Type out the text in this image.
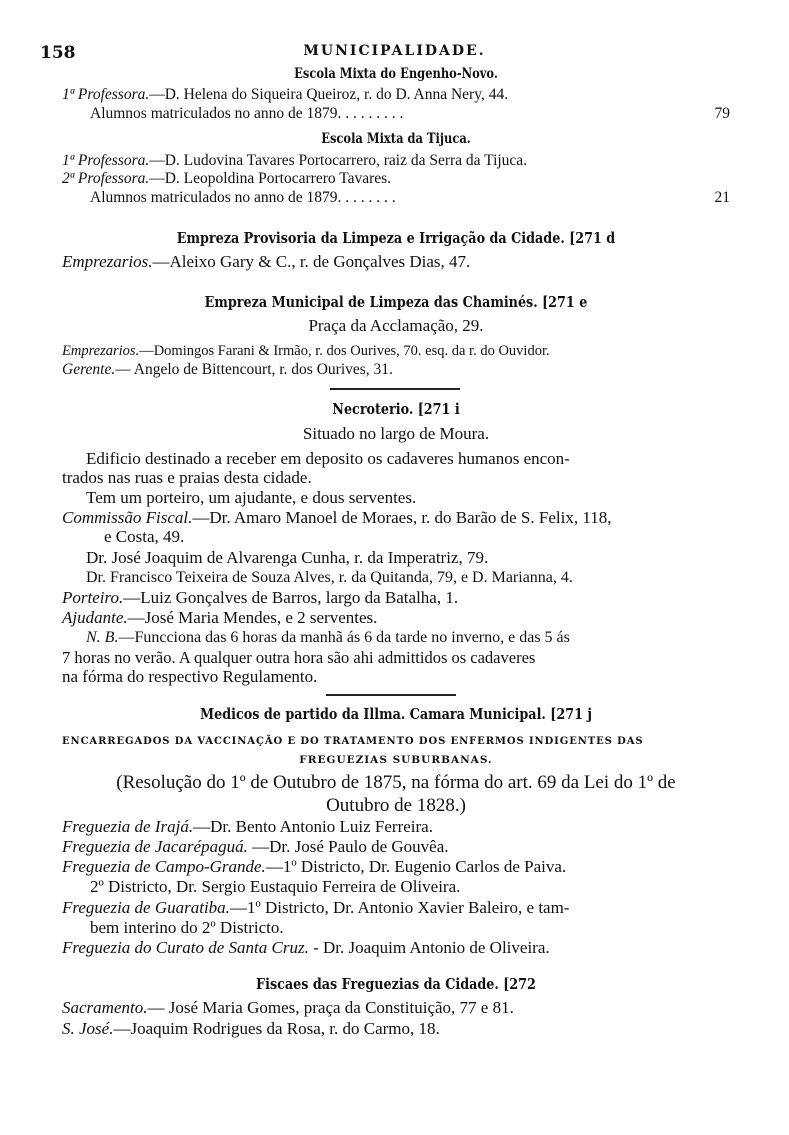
158	MUNICIPALIDADE.
Escola Mixta do Engenho-Novo.
1ª Professora.—D. Helena do Siqueira Queiroz, r. do D. Anna Nery, 44.
Alumnos matriculados no anno de 1879. . . . . . . . .	79
Escola Mixta da Tijuca.
1ª Professora.—D. Ludovina Tavares Portocarrero, raiz da Serra da Tijuca.
2ª Professora.—D. Leopoldina Portocarrero Tavares.
Alumnos matriculados no anno de 1879. . . . . . . .	21
Empreza Provisoria da Limpeza e Irrigação da Cidade. [271 d
Emprezarios.—Aleixo Gary & C., r. de Gonçalves Dias, 47.
Empreza Municipal de Limpeza das Chaminés. [271 e
Praça da Acclamação, 29.
Emprezarios.—Domingos Farani & Irmão, r. dos Ourives, 70. esq. da r. do Ouvidor.
Gerente.— Angelo de Bittencourt, r. dos Ourives, 31.
Necroterio. [271 i
Situado no largo de Moura.
Edificio destinado a receber em deposito os cadaveres humanos encon-
trados nas ruas e praias desta cidade.
Tem um porteiro, um ajudante, e dous serventes.
Commissão Fiscal.—Dr. Amaro Manoel de Moraes, r. do Barão de S. Felix, 118,
e Costa, 49.
Dr. José Joaquim de Alvarenga Cunha, r. da Imperatriz, 79.
Dr. Francisco Teixeira de Souza Alves, r. da Quitanda, 79, e D. Marianna, 4.
Porteiro.—Luiz Gonçalves de Barros, largo da Batalha, 1.
Ajudante.—José Maria Mendes, e 2 serventes.
N. B.—Funcciona das 6 horas da manhã ás 6 da tarde no inverno, e das 5 ás
7 horas no verão. A qualquer outra hora são ahi admittidos os cadaveres
na fórma do respectivo Regulamento.
Medicos de partido da Illma. Camara Municipal. [271 j
ENCARREGADOS DA VACCINAÇÃO E DO TRATAMENTO DOS ENFERMOS INDIGENTES DAS
FREGUEZIAS SUBURBANAS.
(Resolução do 1º de Outubro de 1875, na fórma do art. 69 da Lei do 1º de
Outubro de 1828.)
Freguezia de Irajá.—Dr. Bento Antonio Luiz Ferreira.
Freguezia de Jacarépaguá. —Dr. José Paulo de Gouvêa.
Freguezia de Campo-Grande.—1º Districto, Dr. Eugenio Carlos de Paiva.
2º Districto, Dr. Sergio Eustaquio Ferreira de Oliveira.
Freguezia de Guaratiba.—1º Districto, Dr. Antonio Xavier Baleiro, e tam-
bem interino do 2º Districto.
Freguezia do Curato de Santa Cruz. - Dr. Joaquim Antonio de Oliveira.
Fiscaes das Freguezias da Cidade. [272
Sacramento.— José Maria Gomes, praça da Constituição, 77 e 81.
S. José.—Joaquim Rodrigues da Rosa, r. do Carmo, 18.
